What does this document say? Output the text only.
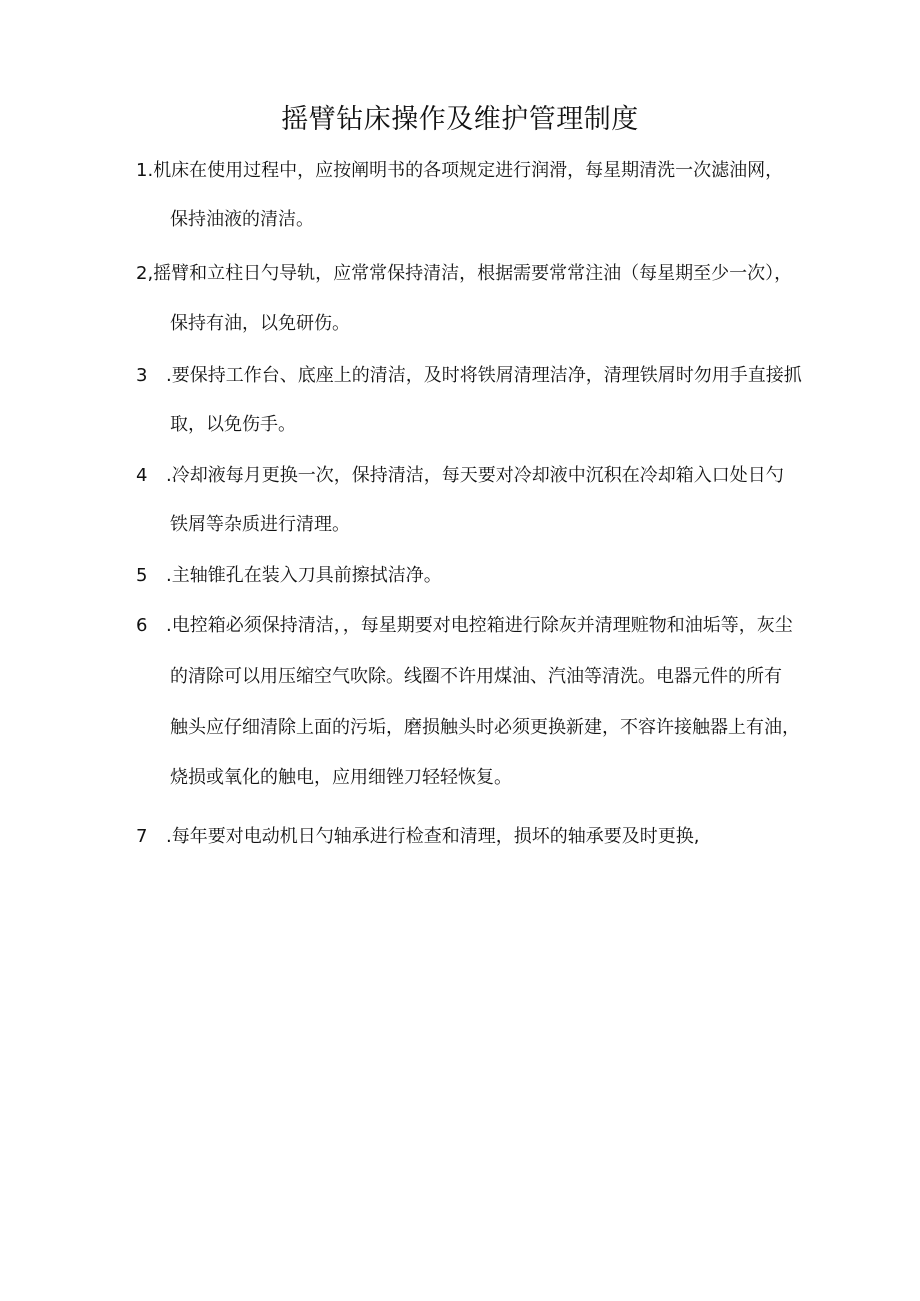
摇臂钻床操作及维护管理制度

1.机床在使用过程中，应按阐明书的各项规定进行润滑，每星期清洗一次滤油网，

保持油液的清洁。

2,摇臂和立柱日勺导轨，应常常保持清洁，根据需要常常注油（每星期至少一次），

保持有油，以免研伤。

3 .要保持工作台、底座上的清洁，及时将铁屑清理洁净，清理铁屑时勿用手直接抓

取，以免伤手。

4 .冷却液每月更换一次，保持清洁，每天要对冷却液中沉积在冷却箱入口处日勺

铁屑等杂质进行清理。

5 .主轴锥孔在装入刀具前擦拭洁净。

6 .电控箱必须保持清洁，，每星期要对电控箱进行除灰并清理赃物和油垢等，灰尘

的清除可以用压缩空气吹除。线圈不许用煤油、汽油等清洗。电器元件的所有

触头应仔细清除上面的污垢，磨损触头时必须更换新建，不容许接触器上有油，

烧损或氧化的触电，应用细锉刀轻轻恢复。

7 .每年要对电动机日勺轴承进行检查和清理，损坏的轴承要及时更换,
